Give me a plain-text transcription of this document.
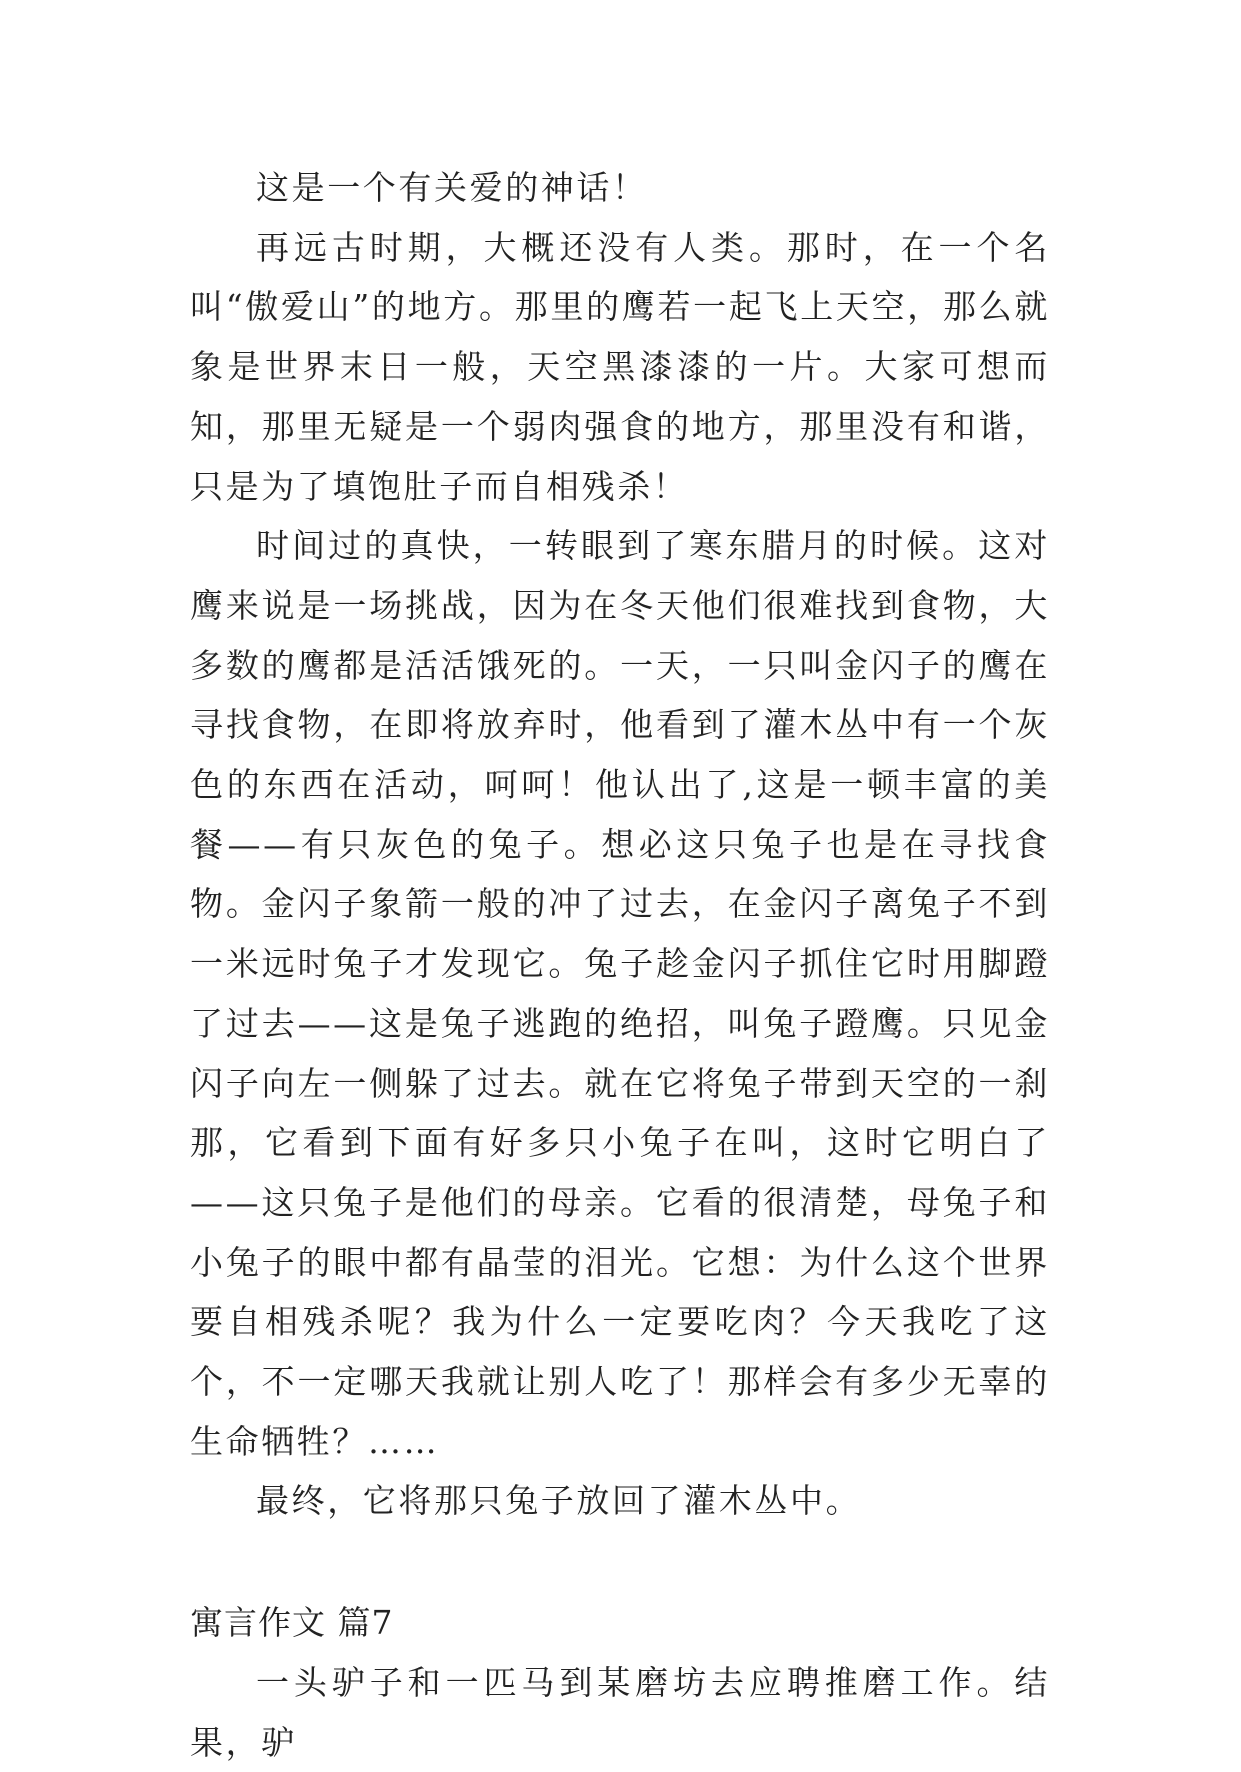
这是一个有关爱的神话！

再远古时期，大概还没有人类。那时，在一个名叫“傲爱山”的地方。那里的鹰若一起飞上天空，那么就象是世界末日一般，天空黑漆漆的一片。大家可想而知，那里无疑是一个弱肉强食的地方，那里没有和谐，只是为了填饱肚子而自相残杀！

时间过的真快，一转眼到了寒东腊月的时候。这对鹰来说是一场挑战，因为在冬天他们很难找到食物，大多数的鹰都是活活饿死的。一天，一只叫金闪子的鹰在寻找食物，在即将放弃时，他看到了灌木丛中有一个灰色的东西在活动，呵呵！他认出了,这是一顿丰富的美餐——有只灰色的兔子。想必这只兔子也是在寻找食物。金闪子象箭一般的冲了过去，在金闪子离兔子不到一米远时兔子才发现它。兔子趁金闪子抓住它时用脚蹬了过去——这是兔子逃跑的绝招，叫兔子蹬鹰。只见金闪子向左一侧躲了过去。就在它将兔子带到天空的一刹那，它看到下面有好多只小兔子在叫，这时它明白了——这只兔子是他们的母亲。它看的很清楚，母兔子和小兔子的眼中都有晶莹的泪光。它想：为什么这个世界要自相残杀呢？我为什么一定要吃肉？今天我吃了这个，不一定哪天我就让别人吃了！那样会有多少无辜的生命牺牲？……

最终，它将那只兔子放回了灌木丛中。

寓言作文 篇7

一头驴子和一匹马到某磨坊去应聘推磨工作。结果，驴
